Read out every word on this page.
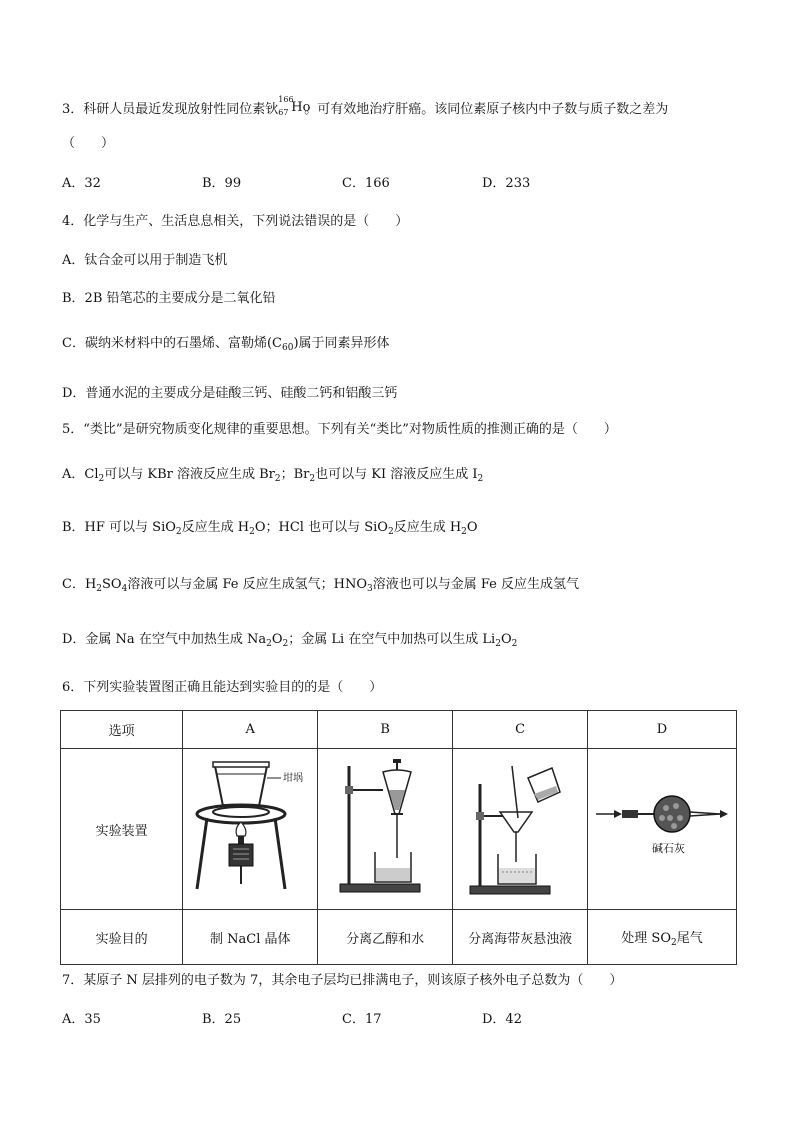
3．科研人员最近发现放射性同位素钬
166
67 Ho
。可有效地治疗肝癌。该同位素原子核内中子数与质子数之差为
（　　）
A．32	B．99	C．166	D．233
4．化学与生产、生活息息相关，下列说法错误的是（　　）
A．钛合金可以用于制造飞机
B．2B 铅笔芯的主要成分是二氧化铅
C．碳纳米材料中的石墨烯、富勒烯$(C_{60})$属于同素异形体
D．普通水泥的主要成分是硅酸三钙、硅酸二钙和铝酸三钙
5．“类比”是研究物质变化规律的重要思想。下列有关“类比”对物质性质的推测正确的是（　　）
A．$Cl_2$可以与 KBr 溶液反应生成 $Br_2$；$Br_2$也可以与 KI 溶液反应生成 $I_2$
B．HF 可以与 SiO$_2$反应生成 $H_2O$；HCl 也可以与 SiO$_2$反应生成 $H_2O$
C．$H_2SO_4$溶液可以与金属 Fe 反应生成氢气；$HNO_3$溶液也可以与金属 Fe 反应生成氢气
D．金属 Na 在空气中加热生成 $Na_2O_2$；金属 Li 在空气中加热可以生成 $Li_2O_2$
6．下列实验装置图正确且能达到实验目的的是（　　）
选项	A	B	C	D
实验装置	坩埚			碱石灰

实验目的	制 NaCl 晶体	分离乙醇和水	分离海带灰悬浊液	处理 $SO_2$尾气
7．某原子 N 层排列的电子数为 7，其余电子层均已排满电子，则该原子核外电子总数为（　　）
A．35	B．25	C．17	D．42
